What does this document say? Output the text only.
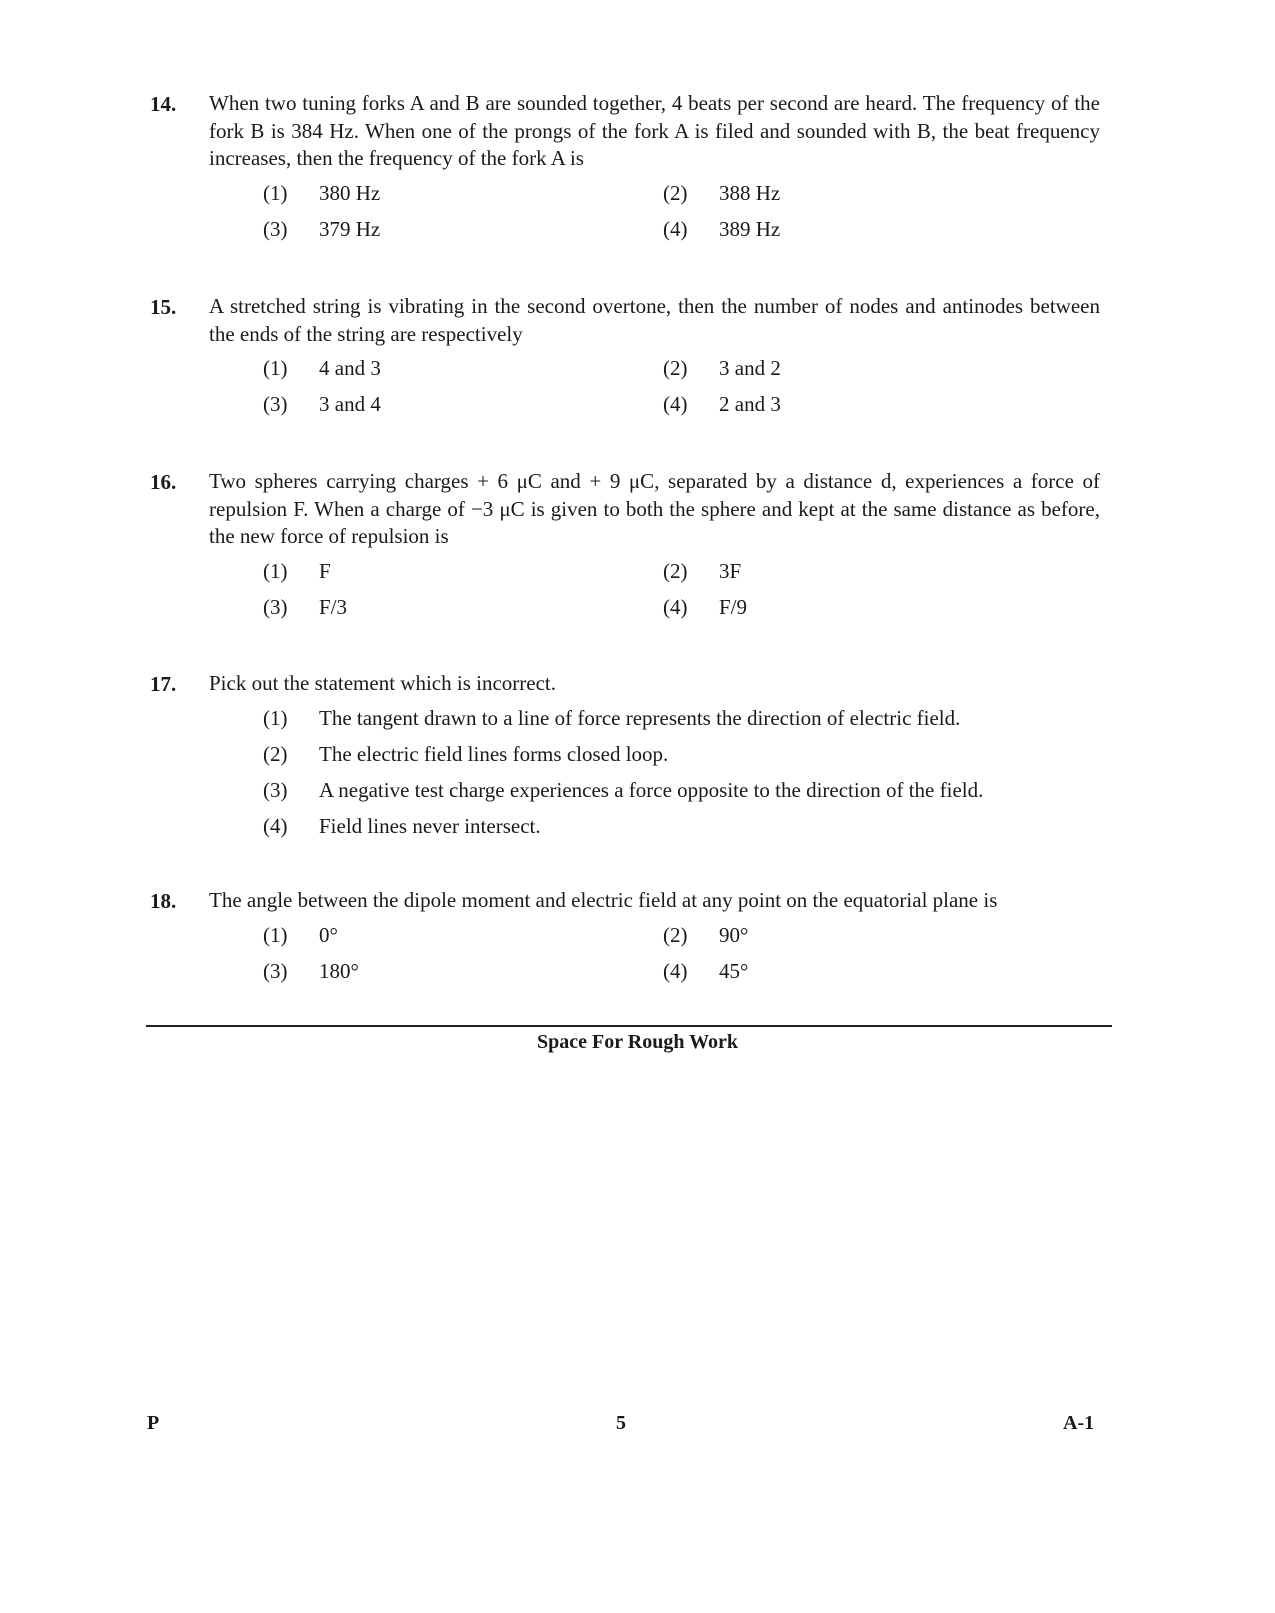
14. When two tuning forks A and B are sounded together, 4 beats per second are heard. The frequency of the fork B is 384 Hz. When one of the prongs of the fork A is filed and sounded with B, the beat frequency increases, then the frequency of the fork A is
(1)	380 Hz	(2)	388 Hz
(3)	379 Hz	(4)	389 Hz
15. A stretched string is vibrating in the second overtone, then the number of nodes and antinodes between the ends of the string are respectively
(1)	4 and 3	(2)	3 and 2
(3)	3 and 4	(4)	2 and 3
16. Two spheres carrying charges + 6 μC and + 9 μC, separated by a distance d, experiences a force of repulsion F. When a charge of −3 μC is given to both the sphere and kept at the same distance as before, the new force of repulsion is
(1)	F	(2)	3F
(3)	F/3	(4)	F/9
17. Pick out the statement which is incorrect.
(1)	The tangent drawn to a line of force represents the direction of electric field.
(2)	The electric field lines forms closed loop.
(3)	A negative test charge experiences a force opposite to the direction of the field.
(4)	Field lines never intersect.
18. The angle between the dipole moment and electric field at any point on the equatorial plane is
(1)	0°	(2)	90°
(3)	180°	(4)	45°
Space For Rough Work
P	5	A-1
